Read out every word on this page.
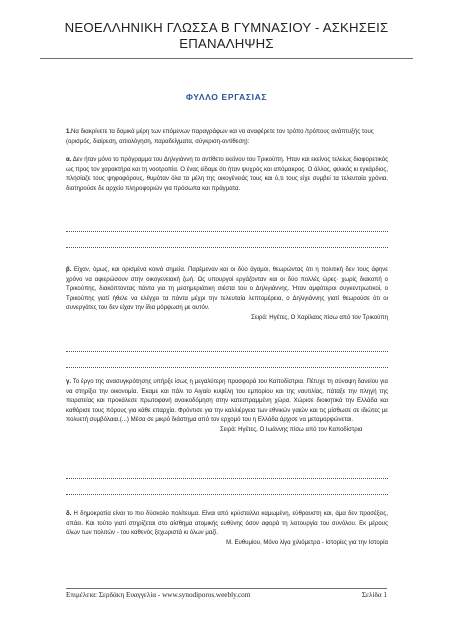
ΝΕΟΕΛΛΗΝΙΚΗ ΓΛΩΣΣΑ Β ΓΥΜΝΑΣΙΟΥ - ΑΣΚΗΣΕΙΣ
ΕΠΑΝΑΛΗΨΗΣ
ΦΥΛΛΟ ΕΡΓΑΣΙΑΣ
1.Να διακρίνετε τα δομικά μέρη των επόμενων παραγράφων και να αναφέρετε τον τρόπο /τρόπους ανάπτυξής τους (ορισμός, διαίρεση, αιτιολόγηση, παραδείγματα, σύγκριση-αντίθεση):
α. Δεν ήταν μόνο το πρόγραμμα του Δηλιγιάννη το αντίθετο εκείνου του Τρικούπη. Ήταν και εκείνος τελείως διαφορετικός ως προς τον χαρακτήρα και τη νοοτροπία. Ο ένας είδαμε ότι ήταν ψυχρός και απόμακρος. Ο άλλος, φιλικός κι εγκάρδιος, πλησίαζε τους ψηφοφόρους, θυμόταν όλα τα μέλη της οικογένειάς τους και ό,τι τους είχε συμβεί τα τελευταία χρόνια, διατηρούσε δε αρχείο πληροφοριών για πρόσωπα και πράγματα.
β. Είχαν, όμως, και ορισμένα κοινά σημεία. Παρέμεναν και οι δύο άγαμοι, θεωρώντας ότι η πολιτική δεν τους άφηνε χρόνο να αφιερώσουν στην οικογενειακή ζωή. Ως υπουργοί εργάζονταν και οι δύο πολλές ώρες· χωρίς διακοπή ο Τρικούπης, διακόπτοντας πάντα για τη μεσημεριάτικη σιέστα του ο Δηλιγιάννης. Ήταν αμφότεροι συγκεντρωτικοί, ο Τρικούπης γιατί ήθελε να ελέγχει τα πάντα μέχρι την τελευταία λεπτομέρεια, ο Δηλιγιάννης γιατί θεωρούσε ότι οι συνεργάτες του δεν είχαν την ίδια μόρφωση με αυτόν.
Σειρά: Ηγέτες, Ο Χαρίλαος πίσω από τον Τρικούπη
γ. Το έργο της ανασυγκρότησης υπήρξε ίσως η μεγαλύτερη προσφορά του Καποδίστρια. Πέτυχε τη σύναψη δανείου για να στηρίξει την οικονομία. Έκαμε και πάλι το Αιγαίο κυψέλη του εμπορίου και της ναυτιλίας, πάταξε την πληγή της πειρατείας και προκάλεσε πρωτοφανή ανοικοδόμηση στην κατεστραμμένη χώρα. Χώρισε διοικητικά την Ελλάδα και καθόρισε τους πόρους για κάθε επαρχία. Φρόντισε για την καλλιέργεια των εθνικών γαιών και τις μίσθωσε σε ιδιώτες με πολυετή συμβόλαια.(...) Μέσα σε μικρό διάστημα από τον ερχομό του η Ελλάδα άρχισε να μεταμορφώνεται.
Σειρά: Ηγέτες, Ο Ιωάννης πίσω από τον Καποδίστρια
δ. Η δημοκρατία είναι το πιο δύσκολο πολίτευμα. Είναι από κρύσταλλο καμωμένη, εύθραυστη και, άμα δεν προσέξεις, σπάει. Και τούτο γιατί στηρίζεται στο αίσθημα ατομικής ευθύνης όσον αφορά τη λειτουργία του συνόλου. Εκ μέρους όλων των πολιτών - του καθενός ξεχωριστά κι όλων μαζί.
Μ. Ευθυμίου, Μόνο λίγα χιλιόμετρα - Ιστορίες για την Ιστορία
Επιμέλεια: Σερδάκη Ευαγγελία - www.synodiporos.weebly.com	Σελίδα 1
